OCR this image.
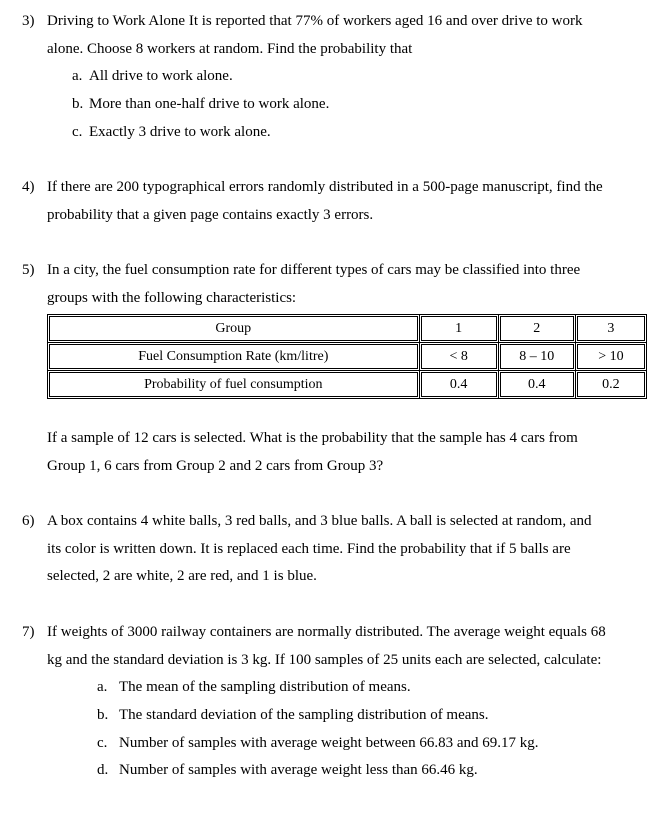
3) Driving to Work Alone It is reported that 77% of workers aged 16 and over drive to work
alone. Choose 8 workers at random. Find the probability that
a. All drive to work alone.
b. More than one-half drive to work alone.
c. Exactly 3 drive to work alone.
4) If there are 200 typographical errors randomly distributed in a 500-page manuscript, find the
probability that a given page contains exactly 3 errors.
5) In a city, the fuel consumption rate for different types of cars may be classified into three
groups with the following characteristics:
Group	1	2	3
Fuel Consumption Rate (km/litre)	< 8	8 – 10	> 10
Probability of fuel consumption	0.4	0.4	0.2
If a sample of 12 cars is selected. What is the probability that the sample has 4 cars from
Group 1, 6 cars from Group 2 and 2 cars from Group 3?
6) A box contains 4 white balls, 3 red balls, and 3 blue balls. A ball is selected at random, and
its color is written down. It is replaced each time. Find the probability that if 5 balls are
selected, 2 are white, 2 are red, and 1 is blue.
7) If weights of 3000 railway containers are normally distributed. The average weight equals 68
kg and the standard deviation is 3 kg. If 100 samples of 25 units each are selected, calculate:
a. The mean of the sampling distribution of means.
b. The standard deviation of the sampling distribution of means.
c. Number of samples with average weight between 66.83 and 69.17 kg.
d. Number of samples with average weight less than 66.46 kg.
